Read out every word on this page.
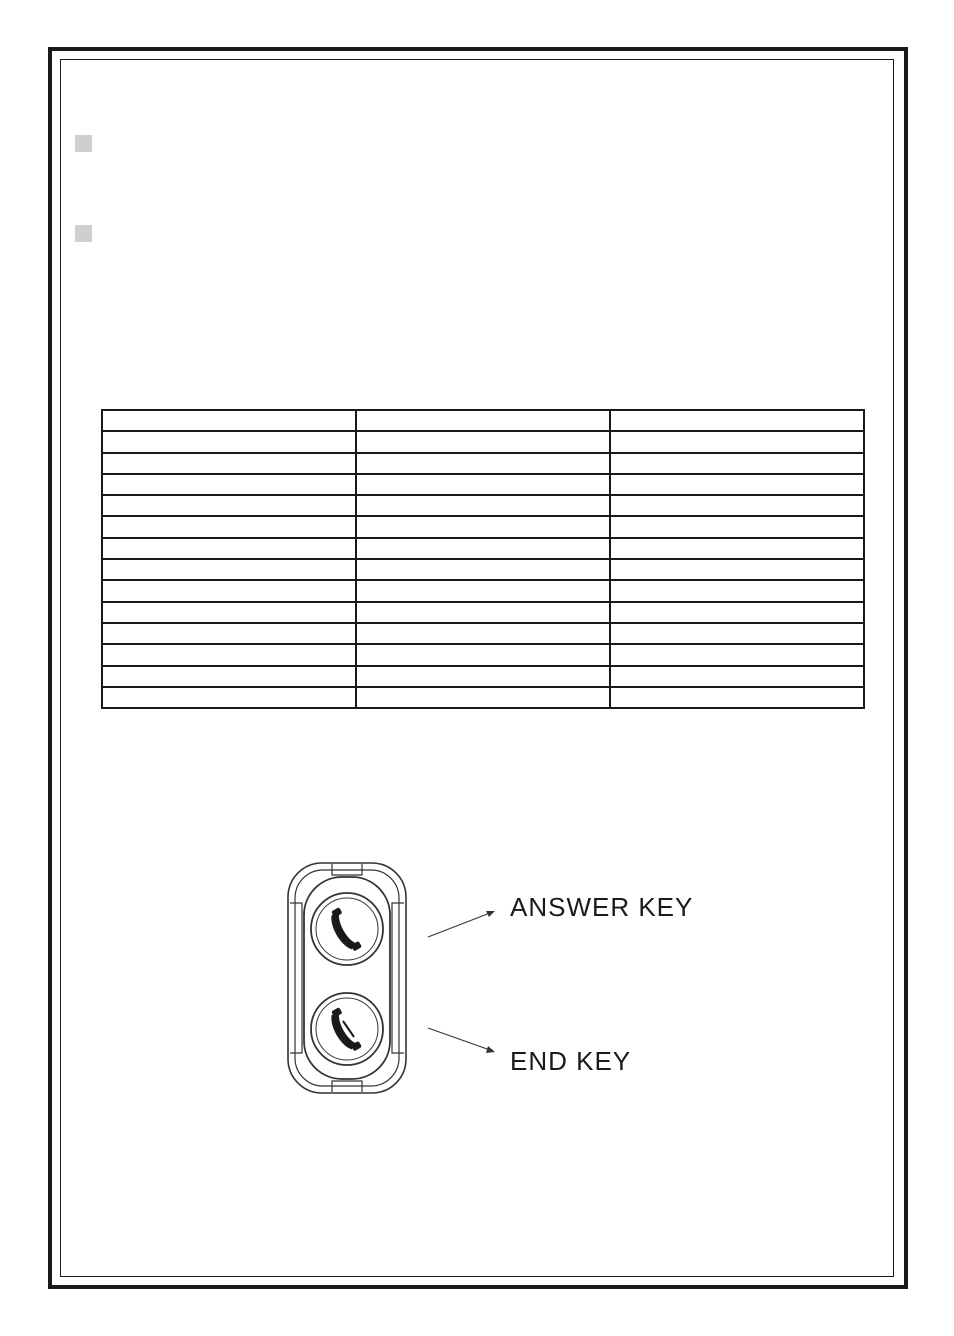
ANSWER KEY
END KEY
